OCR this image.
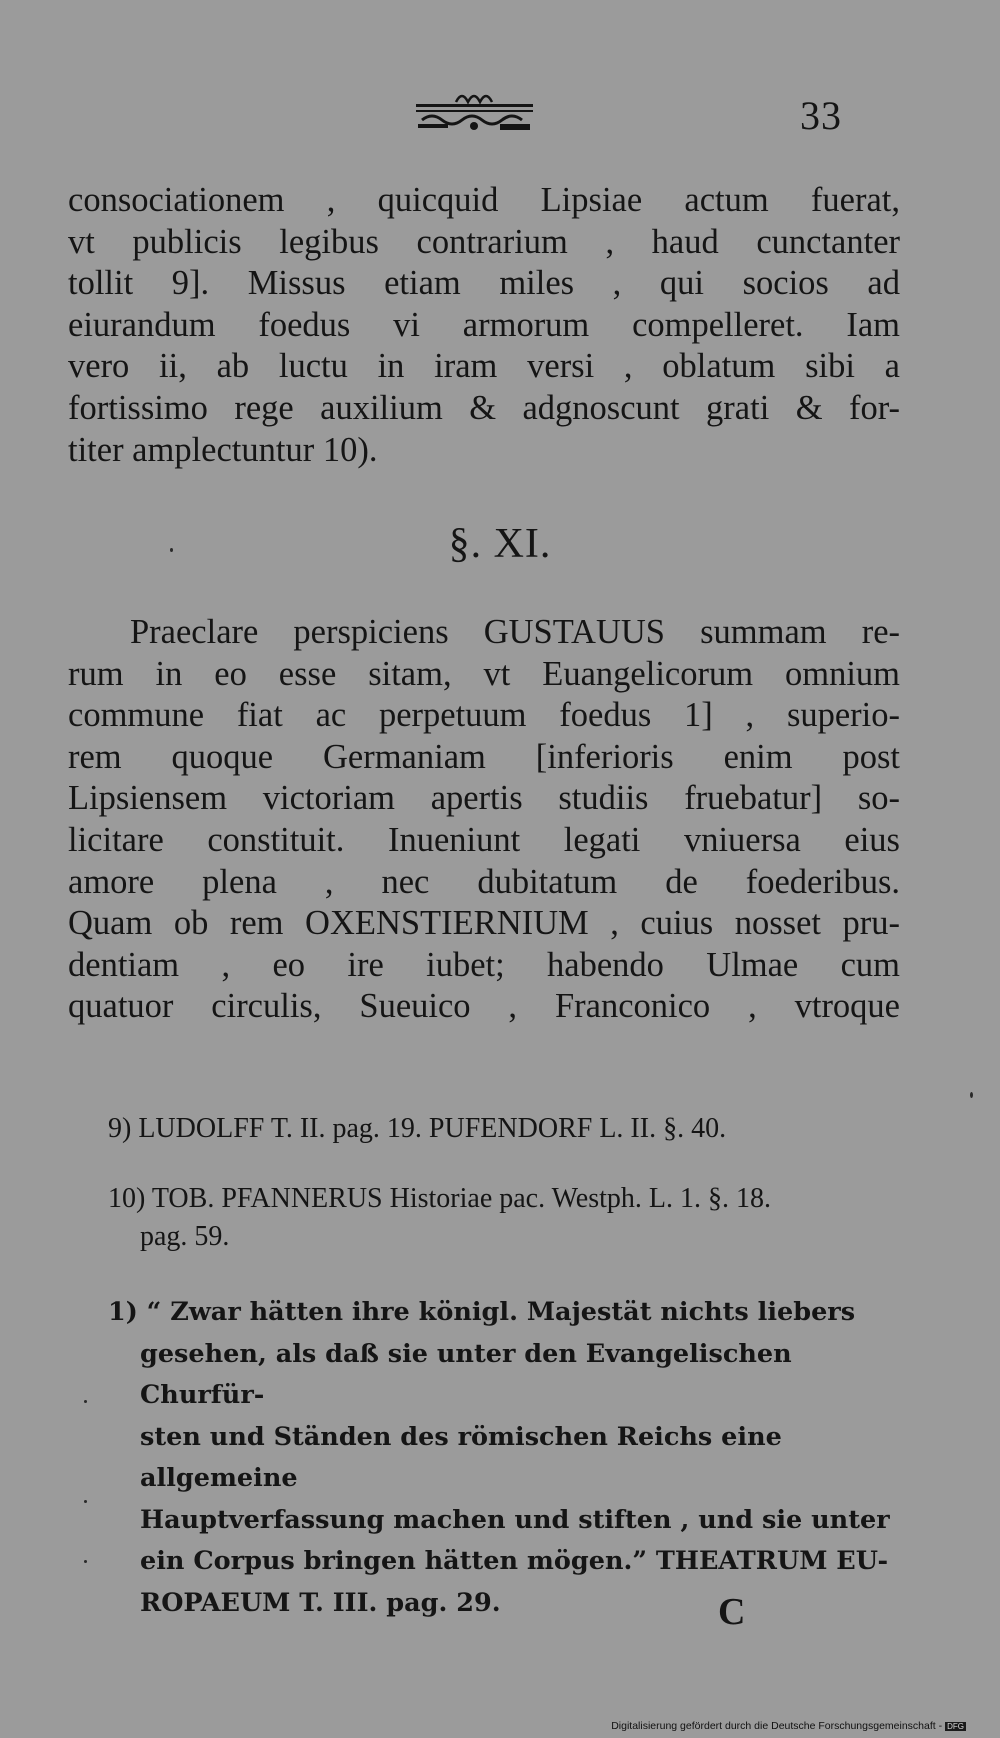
33
consociationem , quicquid Lipsiae actum fuerat,
vt publicis legibus contrarium , haud cunctanter
tollit 9]. Missus etiam miles , qui socios ad
eiurandum foedus vi armorum compelleret. Iam
vero ii, ab luctu in iram versi , oblatum sibi a
fortissimo rege auxilium & adgnoscunt grati & for-
titer amplectuntur 10).
§. XI.
Praeclare perspiciens GUSTAUUS summam re-
rum in eo esse sitam, vt Euangelicorum omnium
commune fiat ac perpetuum foedus 1] , superio-
rem quoque Germaniam [inferioris enim post
Lipsiensem victoriam apertis studiis fruebatur] so-
licitare constituit. Inueniunt legati vniuersa eius
amore plena , nec dubitatum de foederibus.
Quam ob rem OXENSTIERNIUM , cuius nosset pru-
dentiam , eo ire iubet; habendo Ulmae cum
quatuor circulis, Sueuico , Franconico , vtroque
9) LUDOLFF T. II. pag. 19. PUFENDORF L. II. §. 40.
10) TOB. PFANNERUS Historiae pac. Westph. L. 1. §. 18.
pag. 59.
1) “ Zwar hätten ihre königl. Majestät nichts liebers
gesehen, als daß sie unter den Evangelischen Churfür-
sten und Ständen des römischen Reichs eine allgemeine
Hauptverfassung machen und stiften , und sie unter
ein Corpus bringen hätten mögen.” THEATRUM EU-
ROPAEUM T. III. pag. 29.	C
Digitalisierung gefördert durch die Deutsche Forschungsgemeinschaft - DFG
